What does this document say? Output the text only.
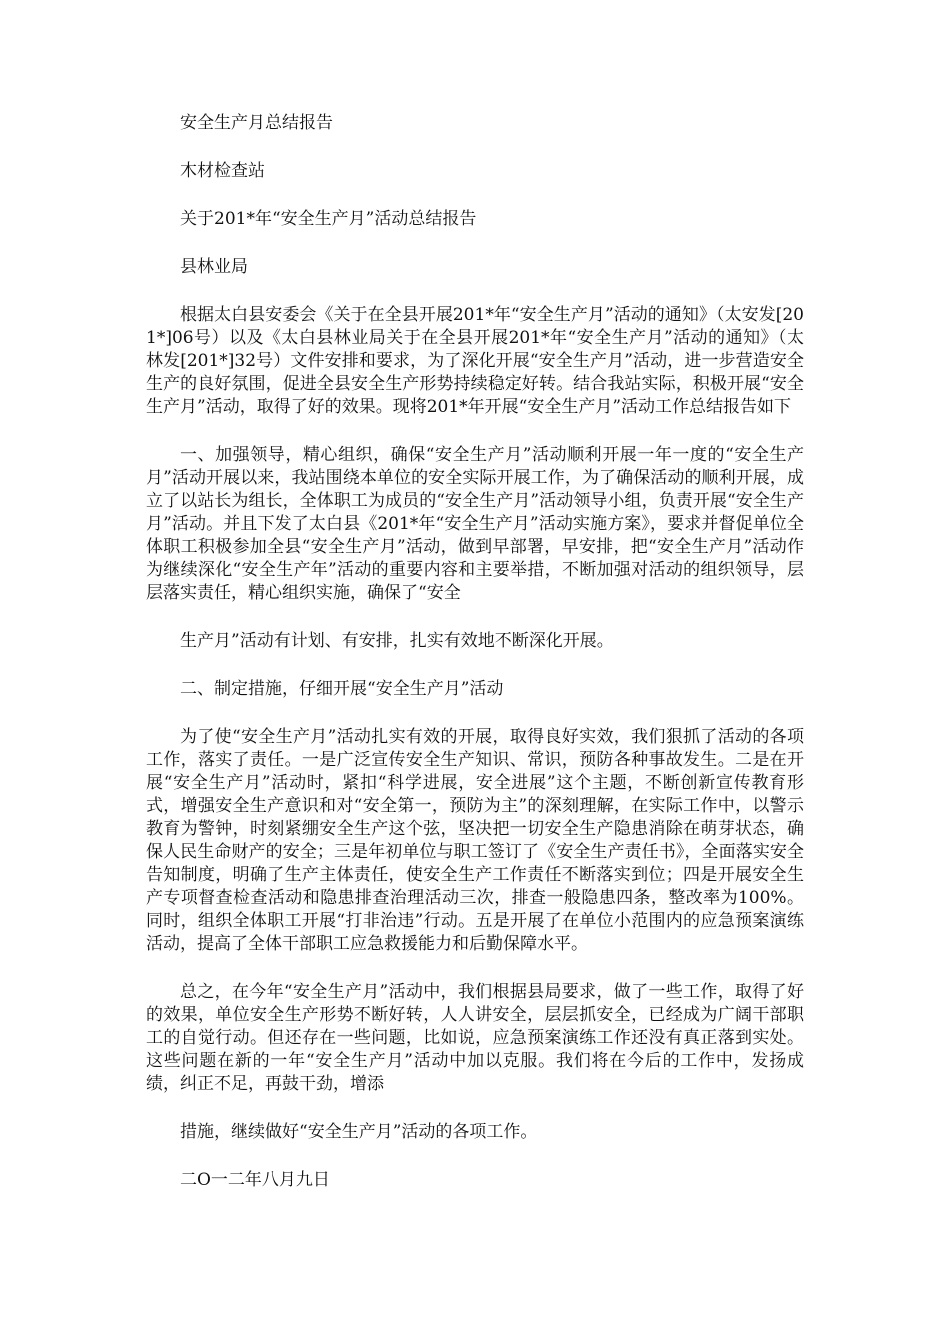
安全生产月总结报告

木材检查站

关于201*年“安全生产月”活动总结报告

县林业局

根据太白县安委会《关于在全县开展201*年“安全生产月”活动的通知》（太安发[201*]06号）以及《太白县林业局关于在全县开展201*年“安全生产月”活动的通知》（太林发[201*]32号）文件安排和要求，为了深化开展“安全生产月”活动，进一步营造安全生产的良好氛围，促进全县安全生产形势持续稳定好转。结合我站实际，积极开展“安全生产月”活动，取得了好的效果。现将201*年开展“安全生产月”活动工作总结报告如下

一、加强领导，精心组织，确保“安全生产月”活动顺利开展一年一度的“安全生产月”活动开展以来，我站围绕本单位的安全实际开展工作，为了确保活动的顺利开展，成立了以站长为组长，全体职工为成员的“安全生产月”活动领导小组，负责开展“安全生产月”活动。并且下发了太白县《201*年“安全生产月”活动实施方案》，要求并督促单位全体职工积极参加全县“安全生产月”活动，做到早部署，早安排，把“安全生产月”活动作为继续深化“安全生产年”活动的重要内容和主要举措，不断加强对活动的组织领导，层层落实责任，精心组织实施，确保了“安全

生产月”活动有计划、有安排，扎实有效地不断深化开展。

二、制定措施，仔细开展“安全生产月”活动

为了使“安全生产月”活动扎实有效的开展，取得良好实效，我们狠抓了活动的各项工作，落实了责任。一是广泛宣传安全生产知识、常识，预防各种事故发生。二是在开展“安全生产月”活动时，紧扣“科学进展，安全进展”这个主题，不断创新宣传教育形式，增强安全生产意识和对“安全第一，预防为主”的深刻理解，在实际工作中，以警示教育为警钟，时刻紧绷安全生产这个弦，坚决把一切安全生产隐患消除在萌芽状态，确保人民生命财产的安全；三是年初单位与职工签订了《安全生产责任书》，全面落实安全告知制度，明确了生产主体责任，使安全生产工作责任不断落实到位；四是开展安全生产专项督查检查活动和隐患排查治理活动三次，排查一般隐患四条，整改率为100%。同时，组织全体职工开展“打非治违”行动。五是开展了在单位小范围内的应急预案演练活动，提高了全体干部职工应急救援能力和后勤保障水平。

总之，在今年“安全生产月”活动中，我们根据县局要求，做了一些工作，取得了好的效果，单位安全生产形势不断好转，人人讲安全，层层抓安全，已经成为广阔干部职工的自觉行动。但还存在一些问题，比如说，应急预案演练工作还没有真正落到实处。这些问题在新的一年“安全生产月”活动中加以克服。我们将在今后的工作中，发扬成绩，纠正不足，再鼓干劲，增添

措施，继续做好“安全生产月”活动的各项工作。

二O一二年八月九日
